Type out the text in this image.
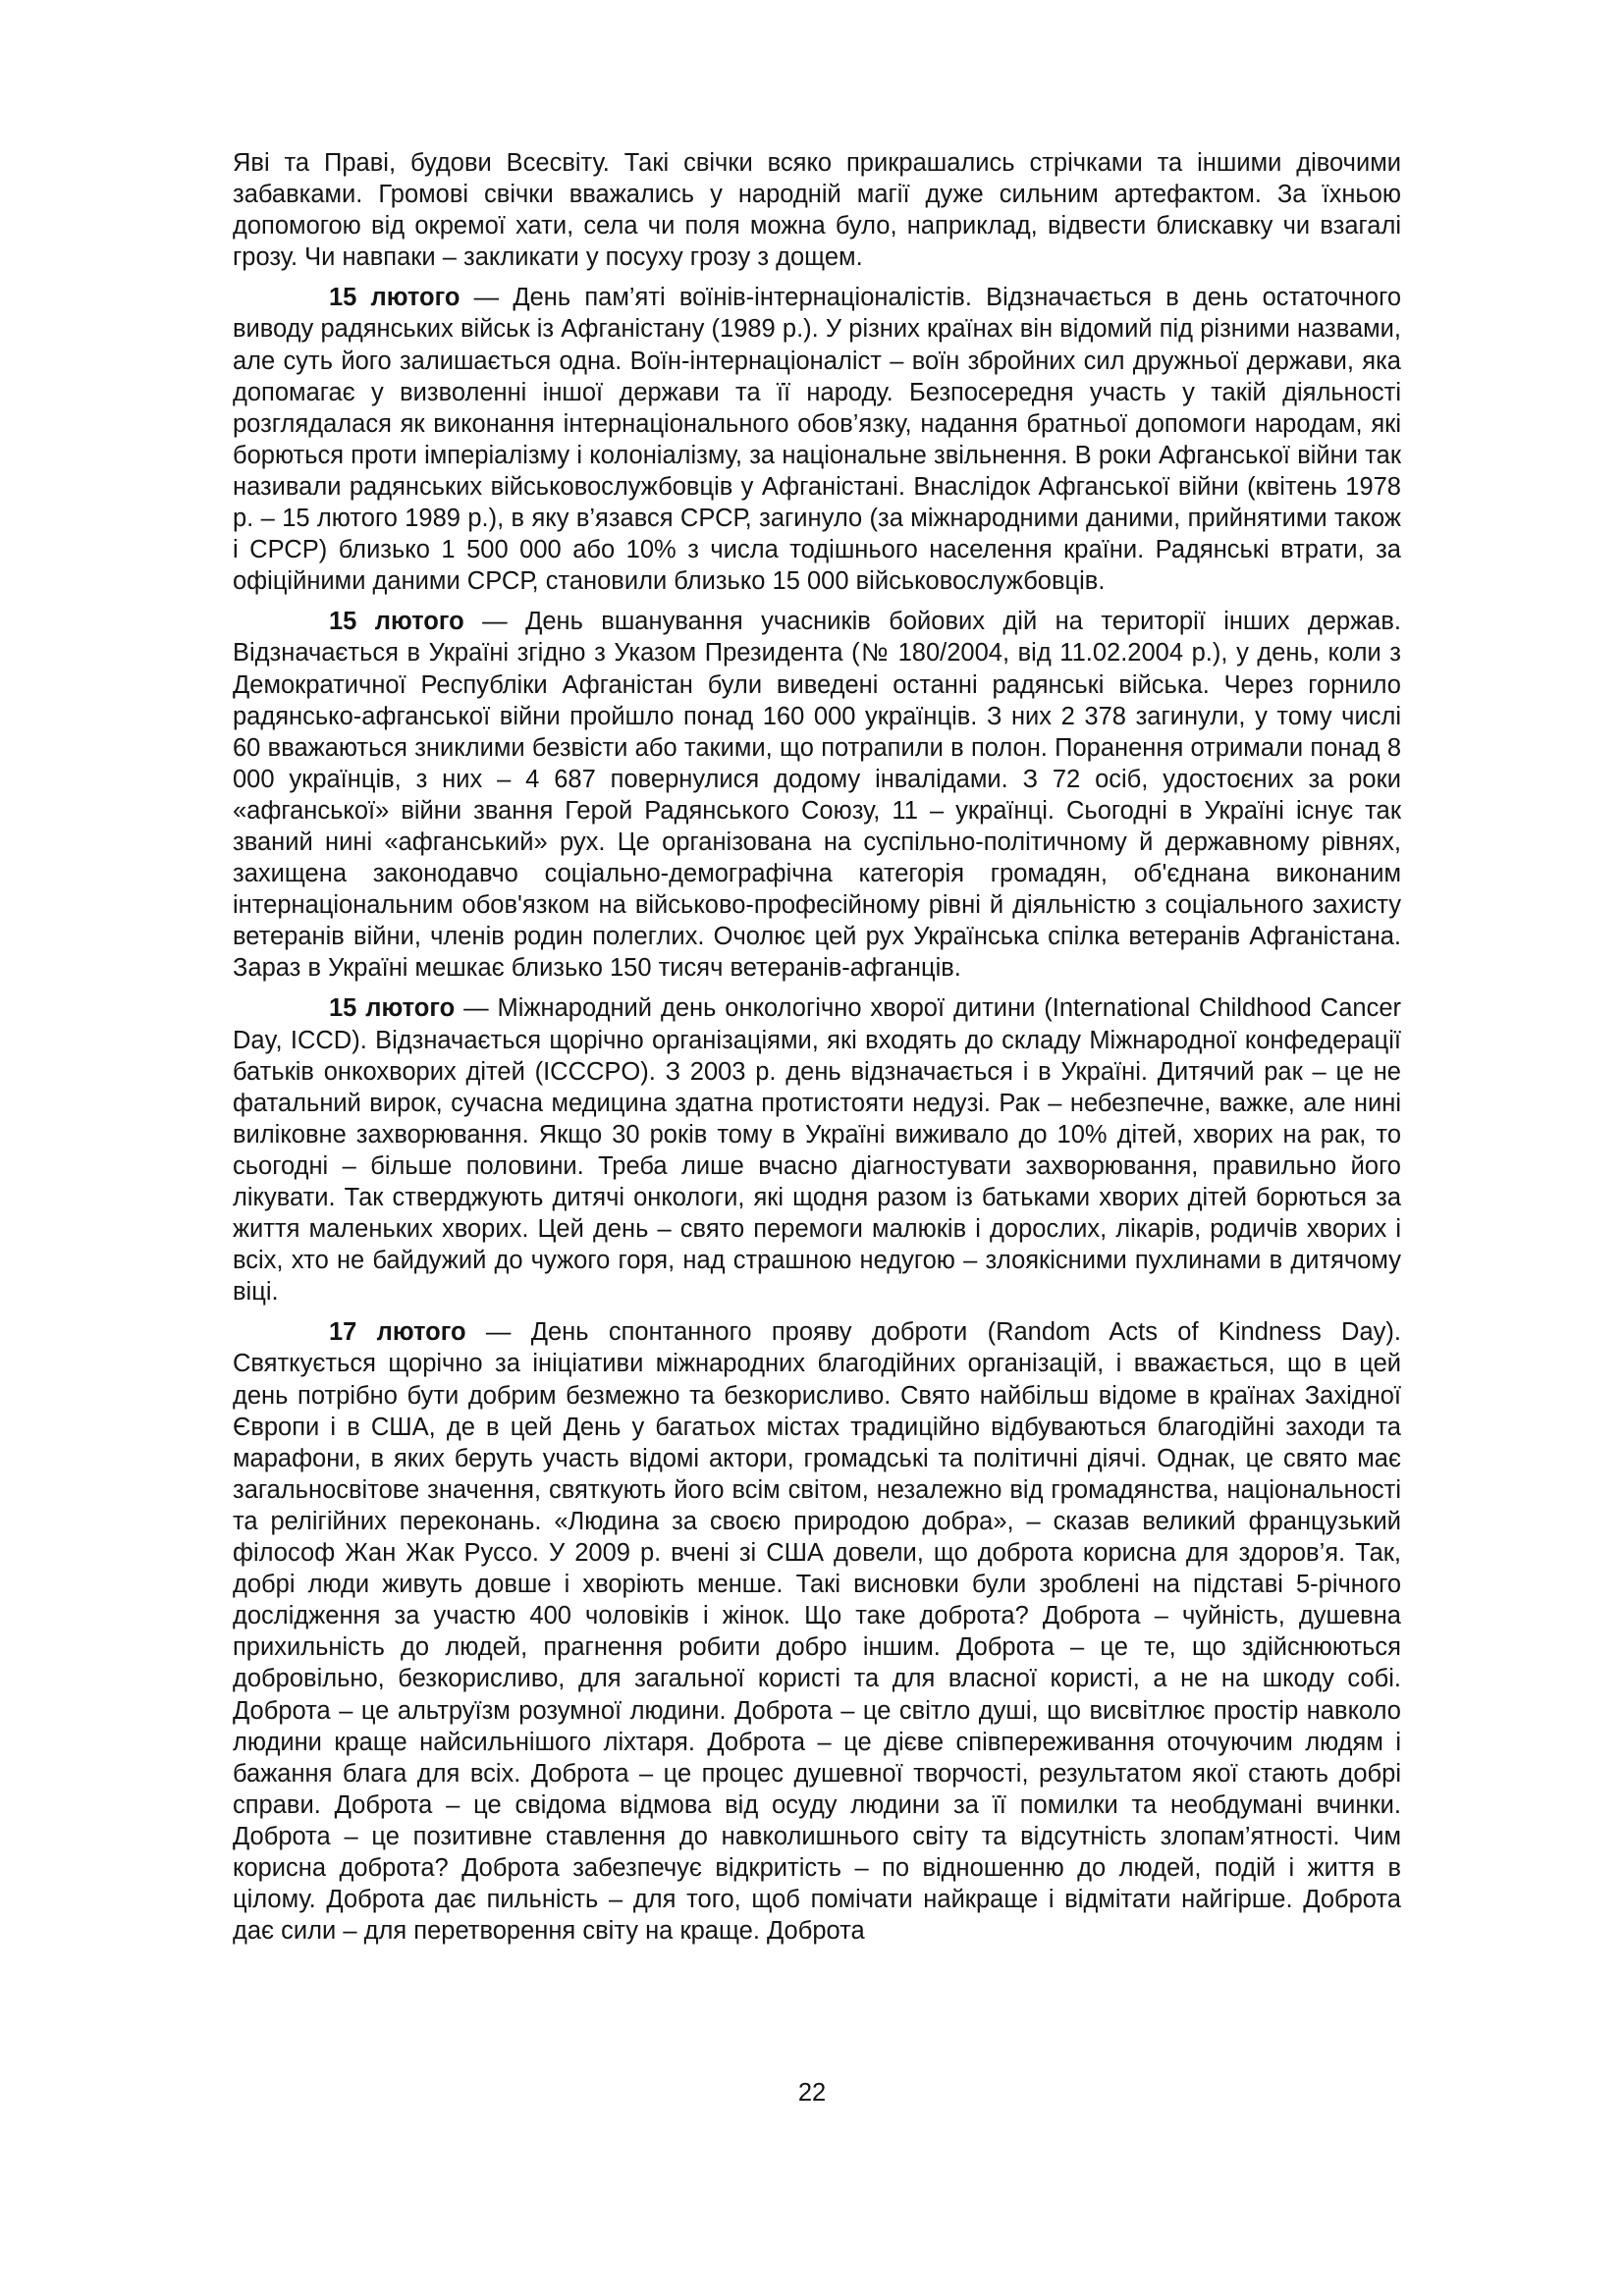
Яві та Праві, будови Всесвіту. Такі свічки всяко прикрашались стрічками та іншими дівочими забавками. Громові свічки вважались у народній магії дуже сильним артефактом. За їхньою допомогою від окремої хати, села чи поля можна було, наприклад, відвести блискавку чи взагалі грозу. Чи навпаки – закликати у посуху грозу з дощем.

15 лютого — День пам’яті воїнів-інтернаціоналістів. Відзначається в день остаточного виводу радянських військ із Афганістану (1989 р.). У різних країнах він відомий під різними назвами, але суть його залишається одна. Воїн-інтернаціоналіст – воїн збройних сил дружньої держави, яка допомагає у визволенні іншої держави та її народу. Безпосередня участь у такій діяльності розглядалася як виконання інтернаціонального обов’язку, надання братньої допомоги народам, які борються проти імперіалізму і колоніалізму, за національне звільнення. В роки Афганської війни так називали радянських військовослужбовців у Афганістані. Внаслідок Афганської війни (квітень 1978 р. – 15 лютого 1989 р.), в яку в’язався СРСР, загинуло (за міжнародними даними, прийнятими також і СРСР) близько 1 500 000 або 10% з числа тодішнього населення країни. Радянські втрати, за офіційними даними СРСР, становили близько 15 000 військовослужбовців.

15 лютого — День вшанування учасників бойових дій на території інших держав. Відзначається в Україні згідно з Указом Президента (№ 180/2004, від 11.02.2004 р.), у день, коли з Демократичної Республіки Афганістан були виведені останні радянські війська. Через горнило радянсько-афганської війни пройшло понад 160 000 українців. З них 2 378 загинули, у тому числі 60 вважаються зниклими безвісти або такими, що потрапили в полон. Поранення отримали понад 8 000 українців, з них – 4 687 повернулися додому інвалідами. З 72 осіб, удостоєних за роки «афганської» війни звання Герой Радянського Союзу, 11 – українці. Сьогодні в Україні існує так званий нині «афганський» рух. Це організована на суспільно-політичному й державному рівнях, захищена законодавчо соціально-демографічна категорія громадян, об'єднана виконаним інтернаціональним обов'язком на військово-професійному рівні й діяльністю з соціального захисту ветеранів війни, членів родин полеглих. Очолює цей рух Українська спілка ветеранів Афганістана. Зараз в Україні мешкає близько 150 тисяч ветеранів-афганців.

15 лютого — Міжнародний день онкологічно хворої дитини (International Childhood Cancer Day, ICCD). Відзначається щорічно організаціями, які входять до складу Міжнародної конфедерації батьків онкохворих дітей (ICCCPO). З 2003 р. день відзначається і в Україні. Дитячий рак – це не фатальний вирок, сучасна медицина здатна протистояти недузі. Рак – небезпечне, важке, але нині виліковне захворювання. Якщо 30 років тому в Україні виживало до 10% дітей, хворих на рак, то сьогодні – більше половини. Треба лише вчасно діагностувати захворювання, правильно його лікувати. Так стверджують дитячі онкологи, які щодня разом із батьками хворих дітей борються за життя маленьких хворих. Цей день – свято перемоги малюків і дорослих, лікарів, родичів хворих і всіх, хто не байдужий до чужого горя, над страшною недугою – злоякісними пухлинами в дитячому віці.

17 лютого — День спонтанного прояву доброти (Random Acts of Kindness Day). Святкується щорічно за ініціативи міжнародних благодійних організацій, і вважається, що в цей день потрібно бути добрим безмежно та безкорисливо. Свято найбільш відоме в країнах Західної Європи і в США, де в цей День у багатьох містах традиційно відбуваються благодійні заходи та марафони, в яких беруть участь відомі актори, громадські та політичні діячі. Однак, це свято має загальносвітове значення, святкують його всім світом, незалежно від громадянства, національності та релігійних переконань. «Людина за своєю природою добра», – сказав великий французький філософ Жан Жак Руссо. У 2009 р. вчені зі США довели, що доброта корисна для здоров’я. Так, добрі люди живуть довше і хворіють менше. Такі висновки були зроблені на підставі 5-річного дослідження за участю 400 чоловіків і жінок. Що таке доброта? Доброта – чуйність, душевна прихильність до людей, прагнення робити добро іншим. Доброта – це те, що здійснюються добровільно, безкорисливо, для загальної користі та для власної користі, а не на шкоду собі. Доброта – це альтруїзм розумної людини. Доброта – це світло душі, що висвітлює простір навколо людини краще найсильнішого ліхтаря. Доброта – це дієве співпереживання оточуючим людям і бажання блага для всіх. Доброта – це процес душевної творчості, результатом якої стають добрі справи. Доброта – це свідома відмова від осуду людини за її помилки та необдумані вчинки. Доброта – це позитивне ставлення до навколишнього світу та відсутність злопам’ятності. Чим корисна доброта? Доброта забезпечує відкритість – по відношенню до людей, подій і життя в цілому. Доброта дає пильність – для того, щоб помічати найкраще і відмітати найгірше. Доброта дає сили – для перетворення світу на краще. Доброта

22
